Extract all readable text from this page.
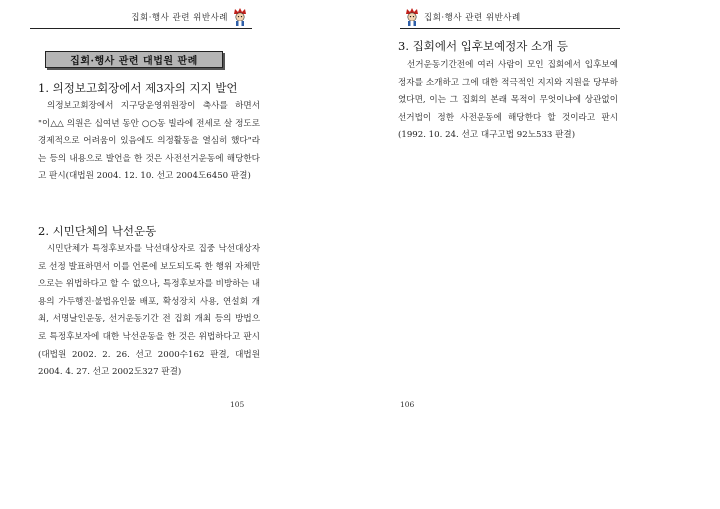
집회·행사 관련 위반사례
집회·행사 관련 대법원 판례
1. 의정보고회장에서 제3자의 지지 발언

의정보고회장에서 지구당운영위원장이 축사를 하면서 "이△△ 의원은 십여년 동안 ○○동 빌라에 전세로 살 정도로 경제적으로 어려움이 있음에도 의정활동을 열심히 했다"라는 등의 내용으로 발언을 한 것은 사전선거운동에 해당한다고 판시(대법원 2004. 12. 10. 선고 2004도6450 판결)

2. 시민단체의 낙선운동

시민단체가 특정후보자를 낙선대상자로 집중 낙선대상자로 선정 발표하면서 이를 언론에 보도되도록 한 행위 자체만으로는 위법하다고 할 수 없으나, 특정후보자를 비방하는 내용의 가두행진·불법유인물 배포, 확성장치 사용, 연설회 개최, 서명날인운동, 선거운동기간 전 집회 개최 등의 방법으로 특정후보자에 대한 낙선운동을 한 것은 위법하다고 판시(대법원 2002. 2. 26. 선고 2000수162 판결, 대법원 2004. 4. 27. 선고 2002도327 판결)

105
집회·행사 관련 위반사례
3. 집회에서 입후보예정자 소개 등

선거운동기간전에 여러 사람이 모인 집회에서 입후보예정자를 소개하고 그에 대한 적극적인 지지와 지원을 당부하였다면, 이는 그 집회의 본래 목적이 무엇이냐에 상관없이 선거법이 정한 사전운동에 해당한다 할 것이라고 판시(1992. 10. 24. 선고 대구고법 92노533 판결)

106
